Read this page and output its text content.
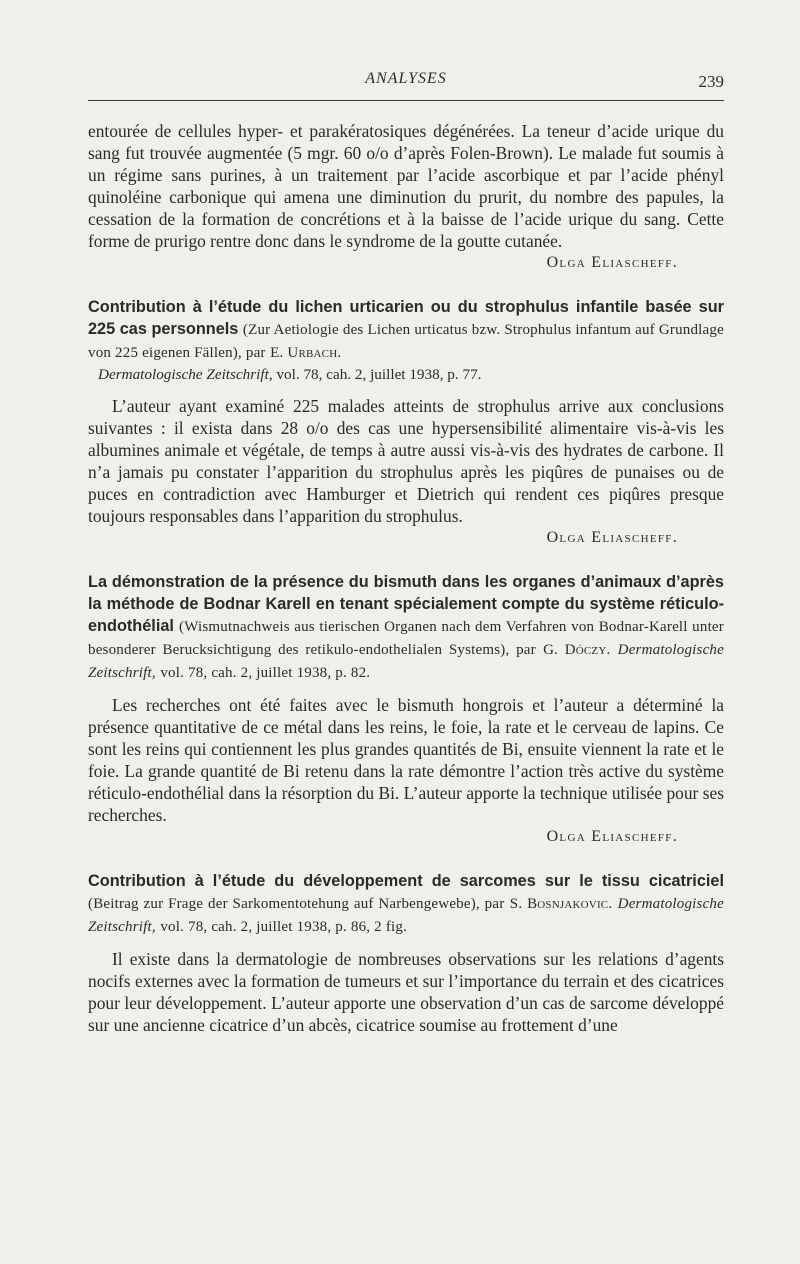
ANALYSES	239

entourée de cellules hyper- et parakératosiques dégénérées. La teneur d’acide urique du sang fut trouvée augmentée (5 mgr. 60 o/o d’après Folen-Brown). Le malade fut soumis à un régime sans purines, à un traitement par l’acide ascorbique et par l’acide phényl quinoléine carbonique qui amena une diminution du prurit, du nombre des papules, la cessation de la formation de concrétions et à la baisse de l’acide urique du sang. Cette forme de prurigo rentre donc dans le syndrome de la goutte cutanée.

Olga Eliascheff.

Contribution à l’étude du lichen urticarien ou du strophulus infantile basée sur 225 cas personnels (Zur Aetiologie des Lichen urticatus bzw. Strophulus infantum auf Grundlage von 225 eigenen Fällen), par E. Urbach.

Dermatologische Zeitschrift, vol. 78, cah. 2, juillet 1938, p. 77.

L’auteur ayant examiné 225 malades atteints de strophulus arrive aux conclusions suivantes : il exista dans 28 o/o des cas une hypersensibilité alimentaire vis-à-vis les albumines animale et végétale, de temps à autre aussi vis-à-vis des hydrates de carbone. Il n’a jamais pu constater l’apparition du strophulus après les piqûres de punaises ou de puces en contradiction avec Hamburger et Dietrich qui rendent ces piqûres presque toujours responsables dans l’apparition du strophulus.

Olga Eliascheff.

La démonstration de la présence du bismuth dans les organes d’animaux d’après la méthode de Bodnar Karell en tenant spécialement compte du système réticulo-endothélial (Wismutnachweis aus tierischen Organen nach dem Verfahren von Bodnar-Karell unter besonderer Berucksichtigung des retikulo-endothelialen Systems), par G. Dóczy. Dermatologische Zeitschrift, vol. 78, cah. 2, juillet 1938, p. 82.

Les recherches ont été faites avec le bismuth hongrois et l’auteur a déterminé la présence quantitative de ce métal dans les reins, le foie, la rate et le cerveau de lapins. Ce sont les reins qui contiennent les plus grandes quantités de Bi, ensuite viennent la rate et le foie. La grande quantité de Bi retenu dans la rate démontre l’action très active du système réticulo-endothélial dans la résorption du Bi. L’auteur apporte la technique utilisée pour ses recherches.

Olga Eliascheff.

Contribution à l’étude du développement de sarcomes sur le tissu cicatriciel (Beitrag zur Frage der Sarkomentotehung auf Narbengewebe), par S. Bosnjakovic. Dermatologische Zeitschrift, vol. 78, cah. 2, juillet 1938, p. 86, 2 fig.

Il existe dans la dermatologie de nombreuses observations sur les relations d’agents nocifs externes avec la formation de tumeurs et sur l’importance du terrain et des cicatrices pour leur développement. L’auteur apporte une observation d’un cas de sarcome développé sur une ancienne cicatrice d’un abcès, cicatrice soumise au frottement d’une
